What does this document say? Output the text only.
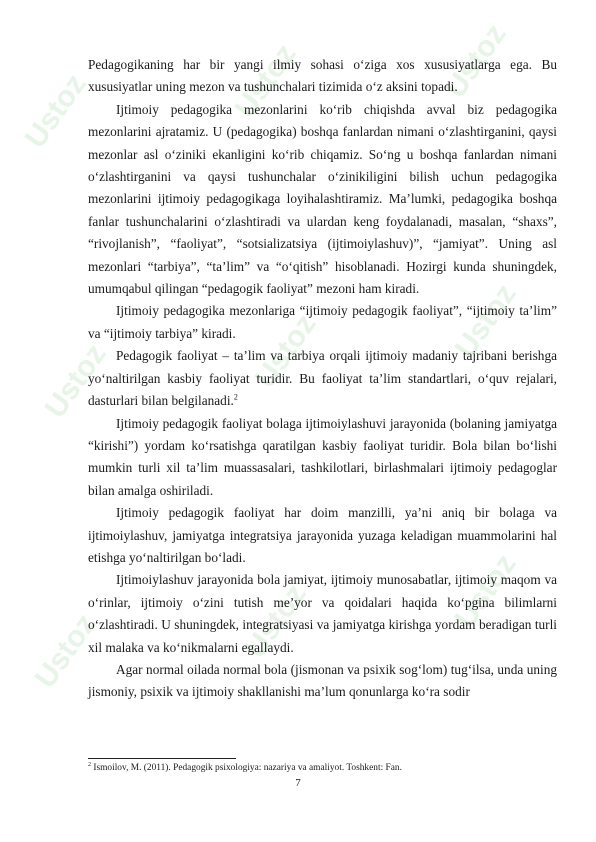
Ustoz	Ustoz	Ustoz
Ustoz	Ustoz	Ustoz
Ustoz	Ustoz	Ustoz

Pedagogikaning har bir yangi ilmiy sohasi o‘ziga xos xususiyatlarga ega. Bu xususiyatlar uning mezon va tushunchalari tizimida o‘z aksini topadi.

Ijtimoiy pedagogika mezonlarini ko‘rib chiqishda avval biz pedagogika mezonlarini ajratamiz. U (pedagogika) boshqa fanlardan nimani o‘zlashtirganini, qaysi mezonlar asl o‘ziniki ekanligini ko‘rib chiqamiz. So‘ng u boshqa fanlardan nimani o‘zlashtirganini va qaysi tushunchalar o‘zinikiligini bilish uchun pedagogika mezonlarini ijtimoiy pedagogikaga loyihalashtiramiz. Ma’lumki, pedagogika boshqa fanlar tushunchalarini o‘zlashtiradi va ulardan keng foydalanadi, masalan, “shaxs”, “rivojlanish”, “faoliyat”, “sotsializatsiya (ijtimoiylashuv)”, “jamiyat”. Uning asl mezonlari “tarbiya”, “ta’lim” va “o‘qitish” hisoblanadi. Hozirgi kunda shuningdek, umumqabul qilingan “pedagogik faoliyat” mezoni ham kiradi.

Ijtimoiy pedagogika mezonlariga “ijtimoiy pedagogik faoliyat”, “ijtimoiy ta’lim” va “ijtimoiy tarbiya” kiradi.

Pedagogik faoliyat – ta’lim va tarbiya orqali ijtimoiy madaniy tajribani berishga yo‘naltirilgan kasbiy faoliyat turidir. Bu faoliyat ta’lim standartlari, o‘quv rejalari, dasturlari bilan belgilanadi.$^2$

Ijtimoiy pedagogik faoliyat bolaga ijtimoiylashuvi jarayonida (bolaning jamiyatga “kirishi”) yordam ko‘rsatishga qaratilgan kasbiy faoliyat turidir. Bola bilan bo‘lishi mumkin turli xil ta’lim muassasalari, tashkilotlari, birlashmalari ijtimoiy pedagoglar bilan amalga oshiriladi.

Ijtimoiy pedagogik faoliyat har doim manzilli, ya’ni aniq bir bolaga va ijtimoiylashuv, jamiyatga integratsiya jarayonida yuzaga keladigan muammolarini hal etishga yo‘naltirilgan bo‘ladi.

Ijtimoiylashuv jarayonida bola jamiyat, ijtimoiy munosabatlar, ijtimoiy maqom va o‘rinlar, ijtimoiy o‘zini tutish me’yor va qoidalari haqida ko‘pgina bilimlarni o‘zlashtiradi. U shuningdek, integratsiyasi va jamiyatga kirishga yordam beradigan turli xil malaka va ko‘nikmalarni egallaydi.

Agar normal oilada normal bola (jismonan va psixik sog‘lom) tug‘ilsa, unda uning jismoniy, psixik va ijtimoiy shakllanishi ma’lum qonunlarga ko‘ra sodir

$^2$ Ismoilov, M. (2011). Pedagogik psixologiya: nazariya va amaliyot. Toshkent: Fan.
7
